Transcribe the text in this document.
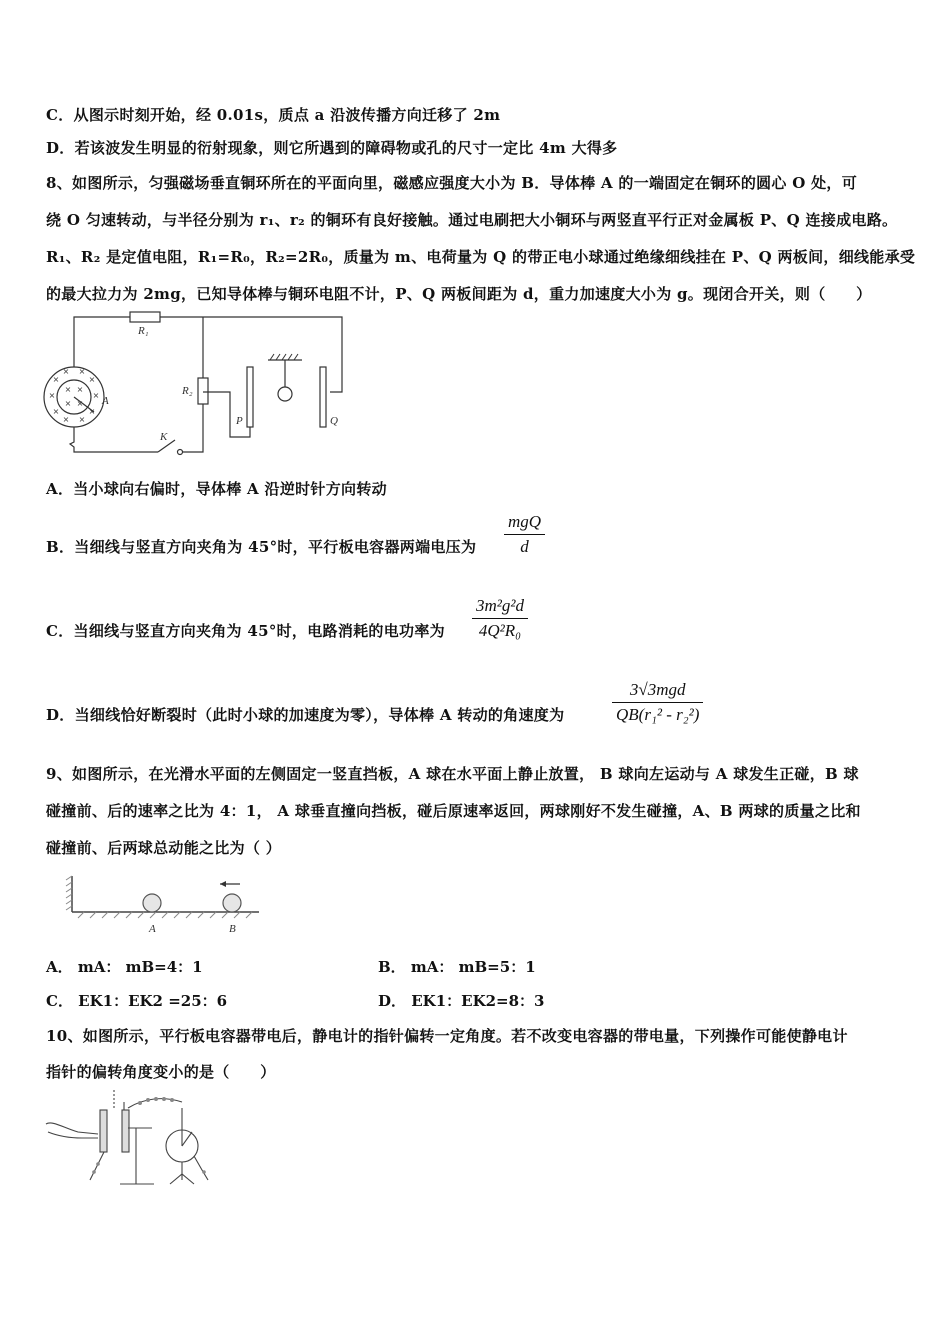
C．从图示时刻开始，经 0.01s，质点 a 沿波传播方向迁移了 2m
D．若该波发生明显的衍射现象，则它所遇到的障碍物或孔的尺寸一定比 4m 大得多
8、如图所示，匀强磁场垂直铜环所在的平面向里，磁感应强度大小为 B．导体棒 A 的一端固定在铜环的圆心 O 处，可
绕 O 匀速转动，与半径分别为 r₁、r₂ 的铜环有良好接触。通过电刷把大小铜环与两竖直平行正对金属板 P、Q 连接成电路。
R₁、R₂ 是定值电阻，R₁=R₀，R₂=2R₀，质量为 m、电荷量为 Q 的带正电小球通过绝缘细线挂在 P、Q 两板间，细线能承受
的最大拉力为 2mg，已知导体棒与铜环电阻不计，P、Q 两板间距为 d，重力加速度大小为 g。现闭合开关，则（　　）
×
× ×
×
×	×
×
× ×
×
× ×
× ×
R₁
R₂
A
K
P	Q
A．当小球向右偏时，导体棒 A 沿逆时针方向转动
B．当细线与竖直方向夹角为 45°时，平行板电容器两端电压为
mgQ
d
C．当细线与竖直方向夹角为 45°时，电路消耗的电功率为
3m²g²d
4Q²R₀
D．当细线恰好断裂时（此时小球的加速度为零），导体棒 A 转动的角速度为
3√3mgd
QB(r₁² - r₂²)
9、如图所示，在光滑水平面的左侧固定一竖直挡板，A 球在水平面上静止放置， B 球向左运动与 A 球发生正碰，B 球
碰撞前、后的速率之比为 4：1， A 球垂直撞向挡板，碰后原速率返回，两球刚好不发生碰撞，A、B 两球的质量之比和
碰撞前、后两球总动能之比为（ ）
A	B
A． mA： mB=4：1	B． mA： mB=5：1
C． EK1：EK2 =25：6	D． EK1：EK2=8：3
10、如图所示，平行板电容器带电后，静电计的指针偏转一定角度。若不改变电容器的带电量，下列操作可能使静电计
指针的偏转角度变小的是（　　）
